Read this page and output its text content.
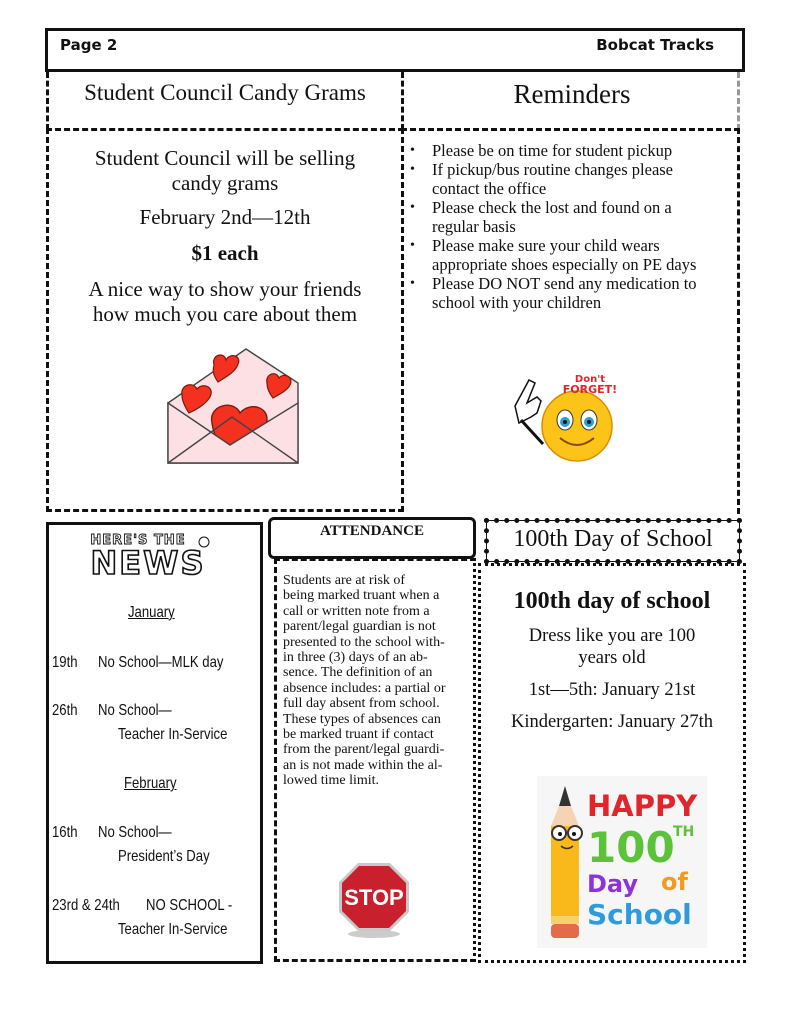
Page 2	Bobcat Tracks
Student Council Candy Grams
Student Council will be selling
candy grams
February 2nd—12th
$1 each
A nice way to show your friends
how much you care about them
Reminders
• Please be on time for student pickup
• If pickup/bus routine changes please
contact the office
• Please check the lost and found on a
regular basis
• Please make sure your child wears
appropriate shoes especially on PE days
• Please DO NOT send any medication to
school with your children
Don't
FORGET!
HERE'S THE
NEWS
January
19th No School—MLK day
26th No School—
Teacher In-Service
February
16th No School—
President’s Day
23rd & 24th NO SCHOOL -
Teacher In-Service
ATTENDANCE
Students are at risk of
being marked truant when a
call or written note from a
parent/legal guardian is not
presented to the school with-
in three (3) days of an ab-
sence. The definition of an
absence includes: a partial or
full day absent from school.
These types of absences can
be marked truant if contact
from the parent/legal guardi-
an is not made within the al-
lowed time limit.
STOP
100th Day of School
100th day of school
Dress like you are 100
years old
1st—5th: January 21st
Kindergarten: January 27th
HAPPY
100
TH
Day of
School
